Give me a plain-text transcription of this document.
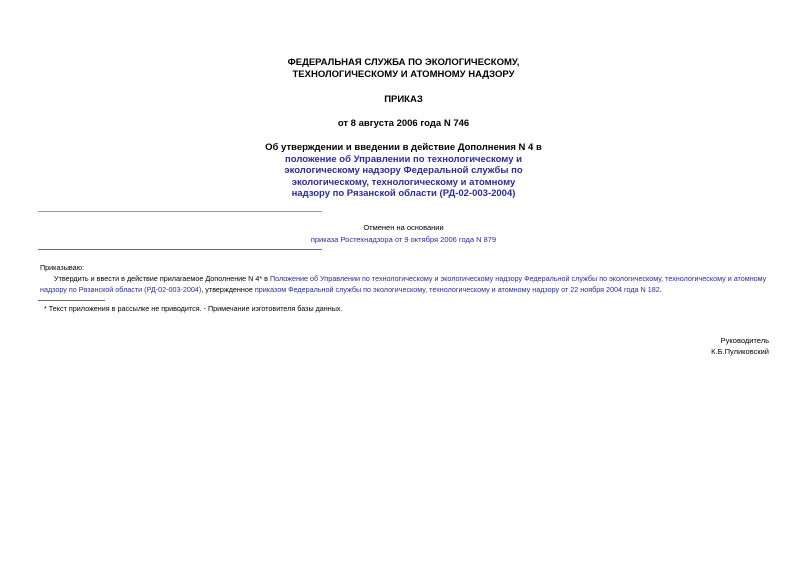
ФЕДЕРАЛЬНАЯ СЛУЖБА ПО ЭКОЛОГИЧЕСКОМУ,
ТЕХНОЛОГИЧЕСКОМУ И АТОМНОМУ НАДЗОРУ
ПРИКАЗ
от 8 августа 2006 года N 746
Об утверждении и введении в действие Дополнения N 4 в
положение об Управлении по технологическому и
экологическому надзору Федеральной службы по
экологическому, технологическому и атомному
надзору по Рязанской области (РД-02-003-2004)
Отменен на основании
приказа Ростехнадзора от 9 октября 2006 года N 879
Приказываю:
Утвердить и ввести в действие прилагаемое Дополнение N 4* в Положение об Управлении по технологическому и экологическому надзору Федеральной службы по экологическому, технологическому и атомному
надзору по Рязанской области (РД-02-003-2004), утвержденное приказом Федеральной службы по экологическому, технологическому и атомному надзору от 22 ноября 2004 года N 182.
* Текст приложения в рассылке не приводится. - Примечание изготовителя базы данных.
Руководитель
К.Б.Пуликовский
